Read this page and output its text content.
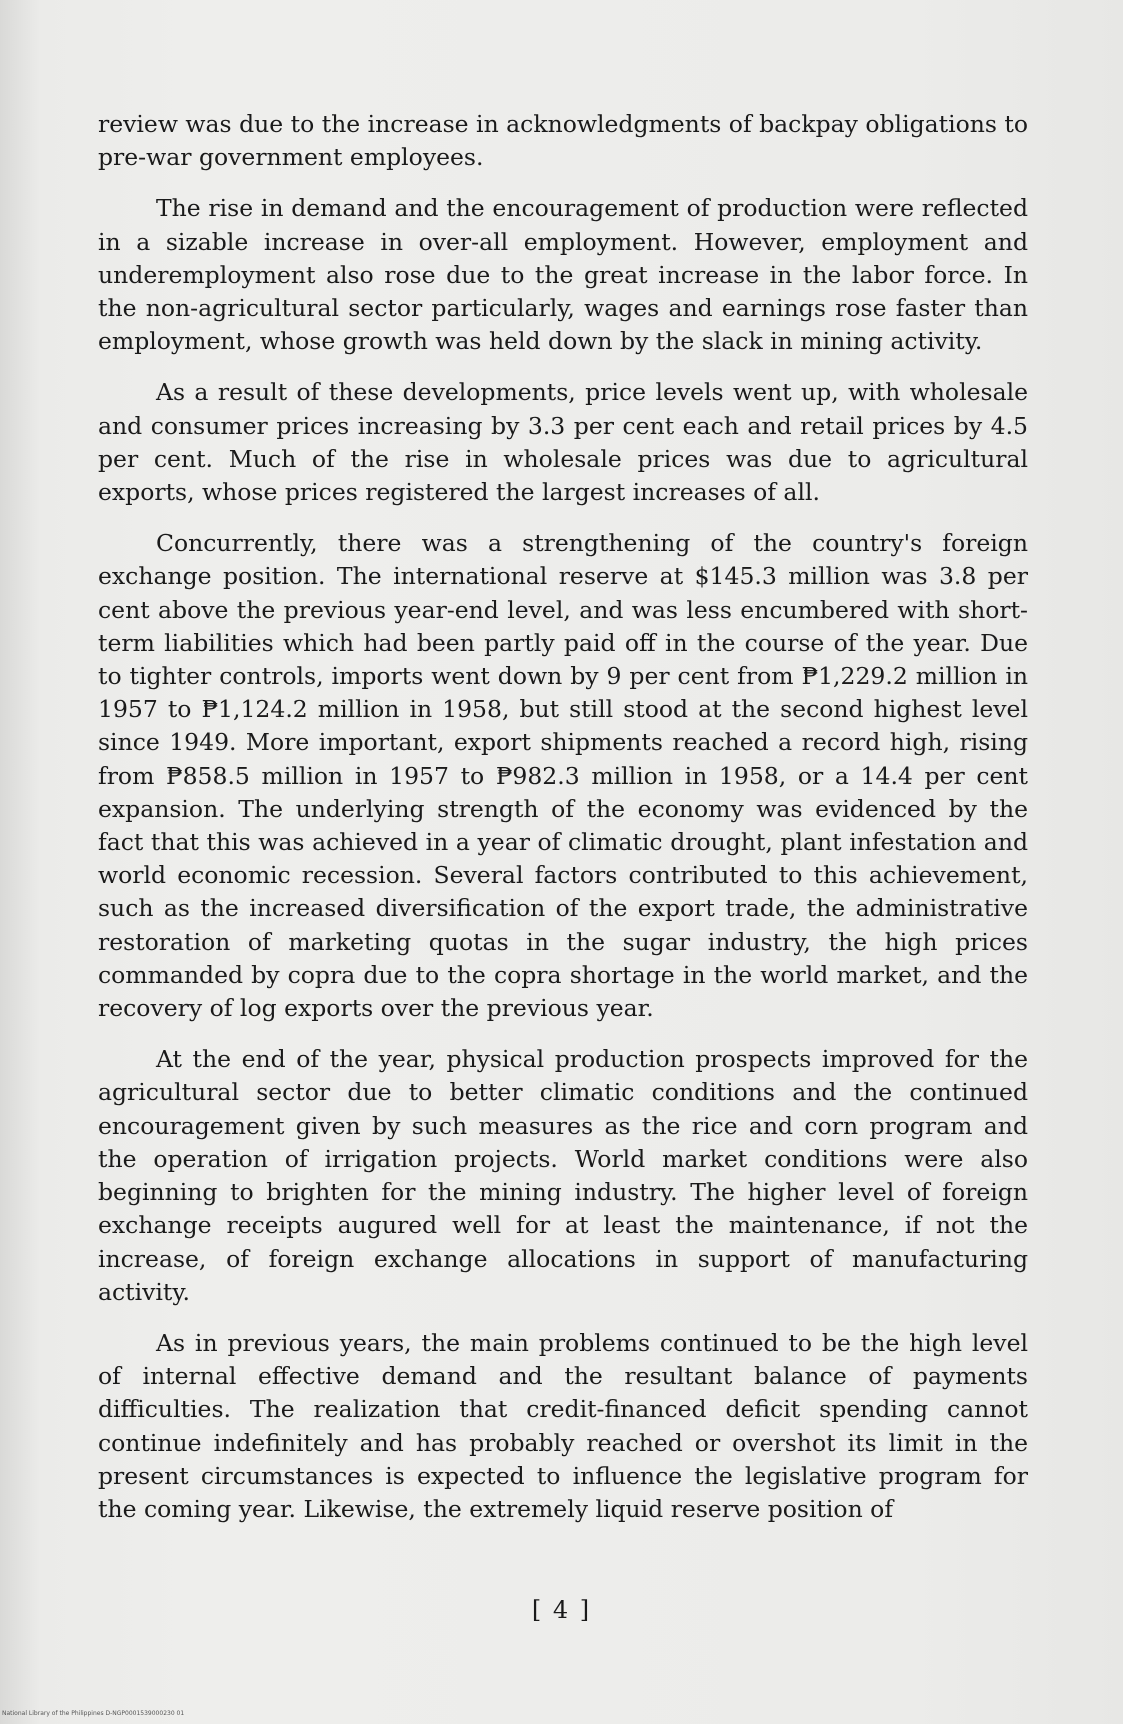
review was due to the increase in acknowledgments of backpay obligations to pre-war government employees.

The rise in demand and the encouragement of production were reflected in a sizable increase in over-all employment. However, employment and underemployment also rose due to the great increase in the labor force. In the non-agricultural sector particularly, wages and earnings rose faster than employment, whose growth was held down by the slack in mining activity.

As a result of these developments, price levels went up, with wholesale and consumer prices increasing by 3.3 per cent each and retail prices by 4.5 per cent. Much of the rise in wholesale prices was due to agricultural exports, whose prices registered the largest increases of all.

Concurrently, there was a strengthening of the country's foreign exchange position. The international reserve at $145.3 million was 3.8 per cent above the previous year-end level, and was less encumbered with short-term liabilities which had been partly paid off in the course of the year. Due to tighter controls, imports went down by 9 per cent from ₱1,229.2 million in 1957 to ₱1,124.2 million in 1958, but still stood at the second highest level since 1949. More important, export shipments reached a record high, rising from ₱858.5 million in 1957 to ₱982.3 million in 1958, or a 14.4 per cent expansion. The underlying strength of the economy was evidenced by the fact that this was achieved in a year of climatic drought, plant infestation and world economic recession. Several factors contributed to this achievement, such as the increased diversification of the export trade, the administrative restoration of marketing quotas in the sugar industry, the high prices commanded by copra due to the copra shortage in the world market, and the recovery of log exports over the previous year.

At the end of the year, physical production prospects improved for the agricultural sector due to better climatic conditions and the continued encouragement given by such measures as the rice and corn program and the operation of irrigation projects. World market conditions were also beginning to brighten for the mining industry. The higher level of foreign exchange receipts augured well for at least the maintenance, if not the increase, of foreign exchange allocations in support of manufacturing activity.

As in previous years, the main problems continued to be the high level of internal effective demand and the resultant balance of payments difficulties. The realization that credit-financed deficit spending cannot continue indefinitely and has probably reached or overshot its limit in the present circumstances is expected to influence the legislative program for the coming year. Likewise, the extremely liquid reserve position of

[ 4 ]
National Library of the Philippines D-NGP0001539000230 01
